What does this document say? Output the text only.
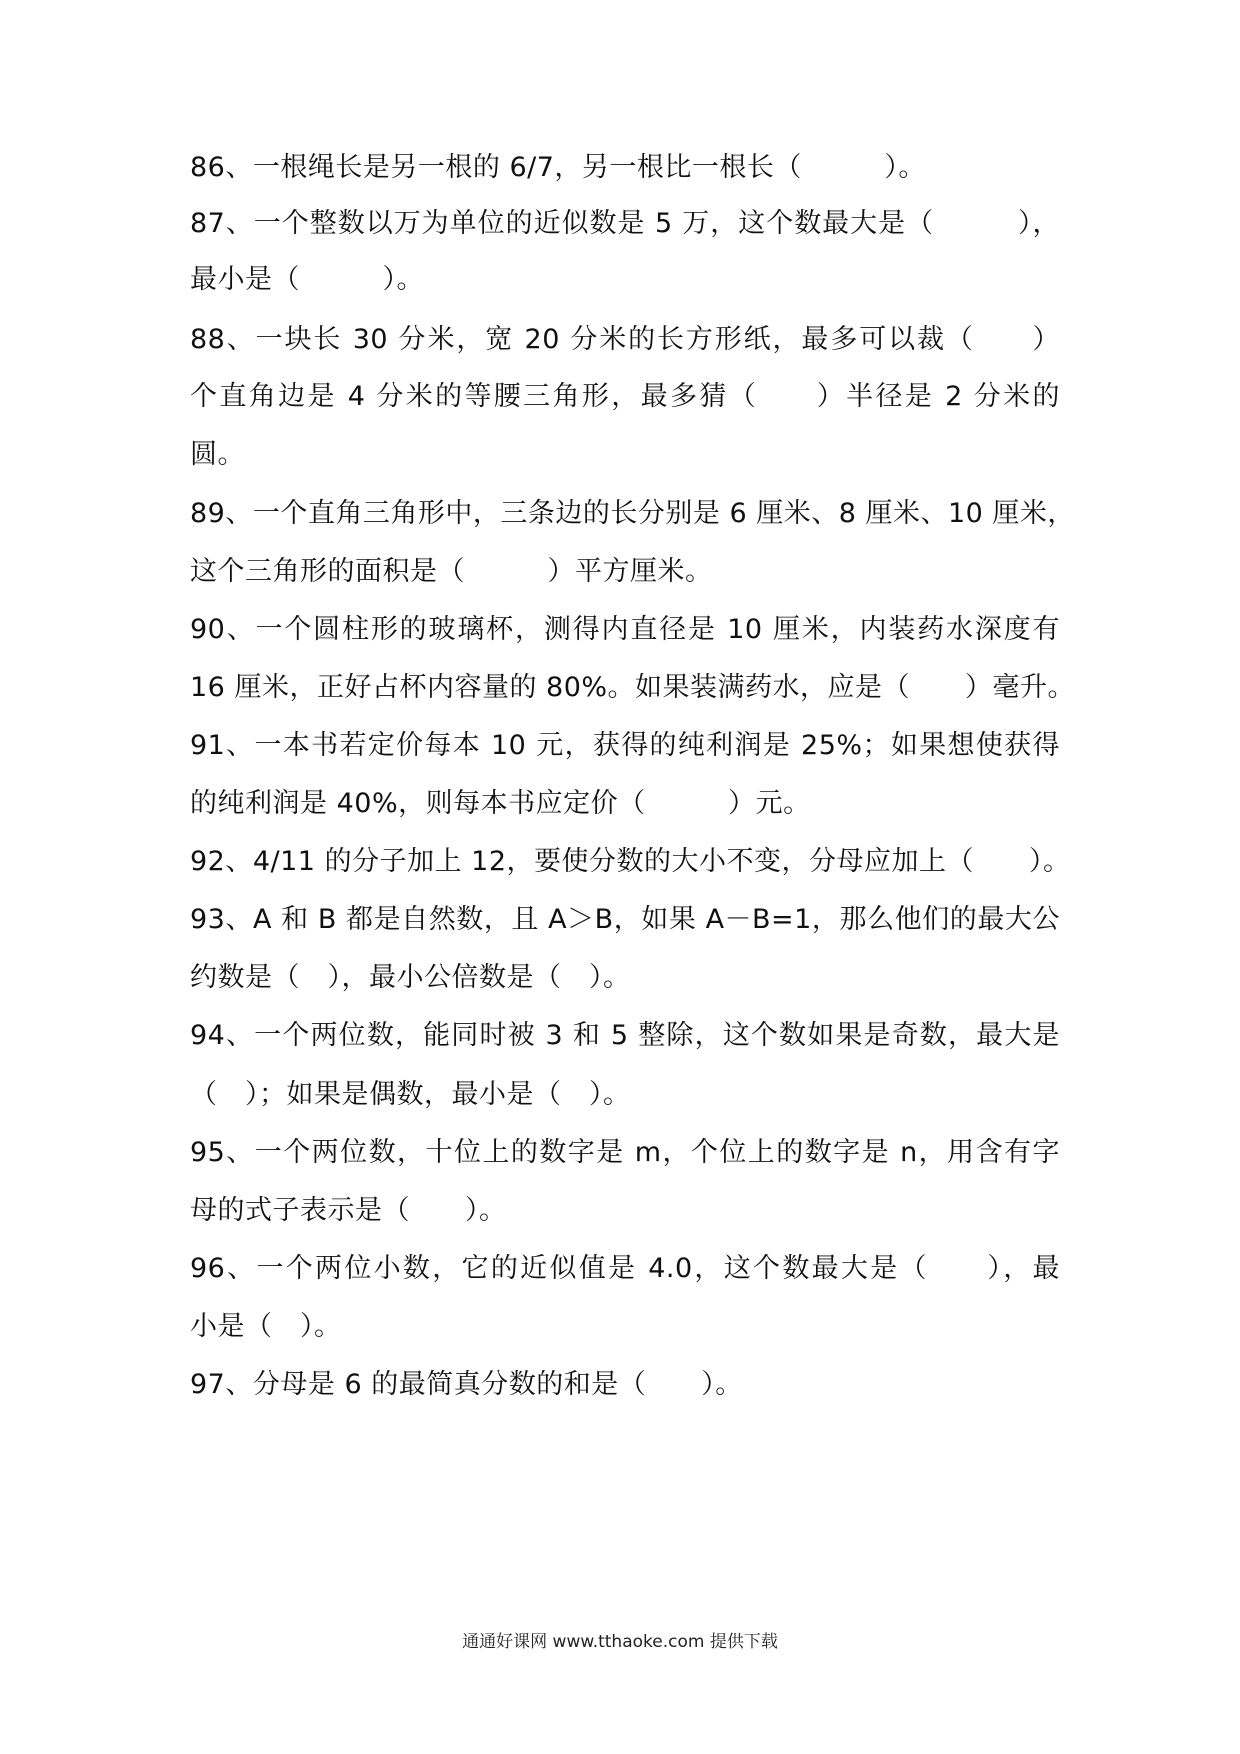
86、一根绳长是另一根的 6/7，另一根比一根长（　　　）。
87、一个整数以万为单位的近似数是 5 万，这个数最大是（　　　），
最小是（　　　）。
88、一块长 30 分米，宽 20 分米的长方形纸，最多可以裁（　　）
个直角边是 4 分米的等腰三角形，最多猜（　　）半径是 2 分米的
圆。
89、一个直角三角形中，三条边的长分别是 6 厘米、8 厘米、10 厘米，
这个三角形的面积是（　　　）平方厘米。
90、一个圆柱形的玻璃杯，测得内直径是 10 厘米，内装药水深度有
16 厘米，正好占杯内容量的 80%。如果装满药水，应是（　　）毫升。
91、一本书若定价每本 10 元，获得的纯利润是 25%；如果想使获得
的纯利润是 40%，则每本书应定价（　　　）元。
92、4/11 的分子加上 12，要使分数的大小不变，分母应加上（　　）。
93、A 和 B 都是自然数，且 A＞B，如果 A－B=1，那么他们的最大公
约数是（　），最小公倍数是（　）。
94、一个两位数，能同时被 3 和 5 整除，这个数如果是奇数，最大是
（　）；如果是偶数，最小是（　）。
95、一个两位数，十位上的数字是 m，个位上的数字是 n，用含有字
母的式子表示是（　　）。
96、一个两位小数，它的近似值是 4.0，这个数最大是（　　），最
小是（　）。
97、分母是 6 的最简真分数的和是（　　）。
通通好课网 www.tthaoke.com 提供下载
